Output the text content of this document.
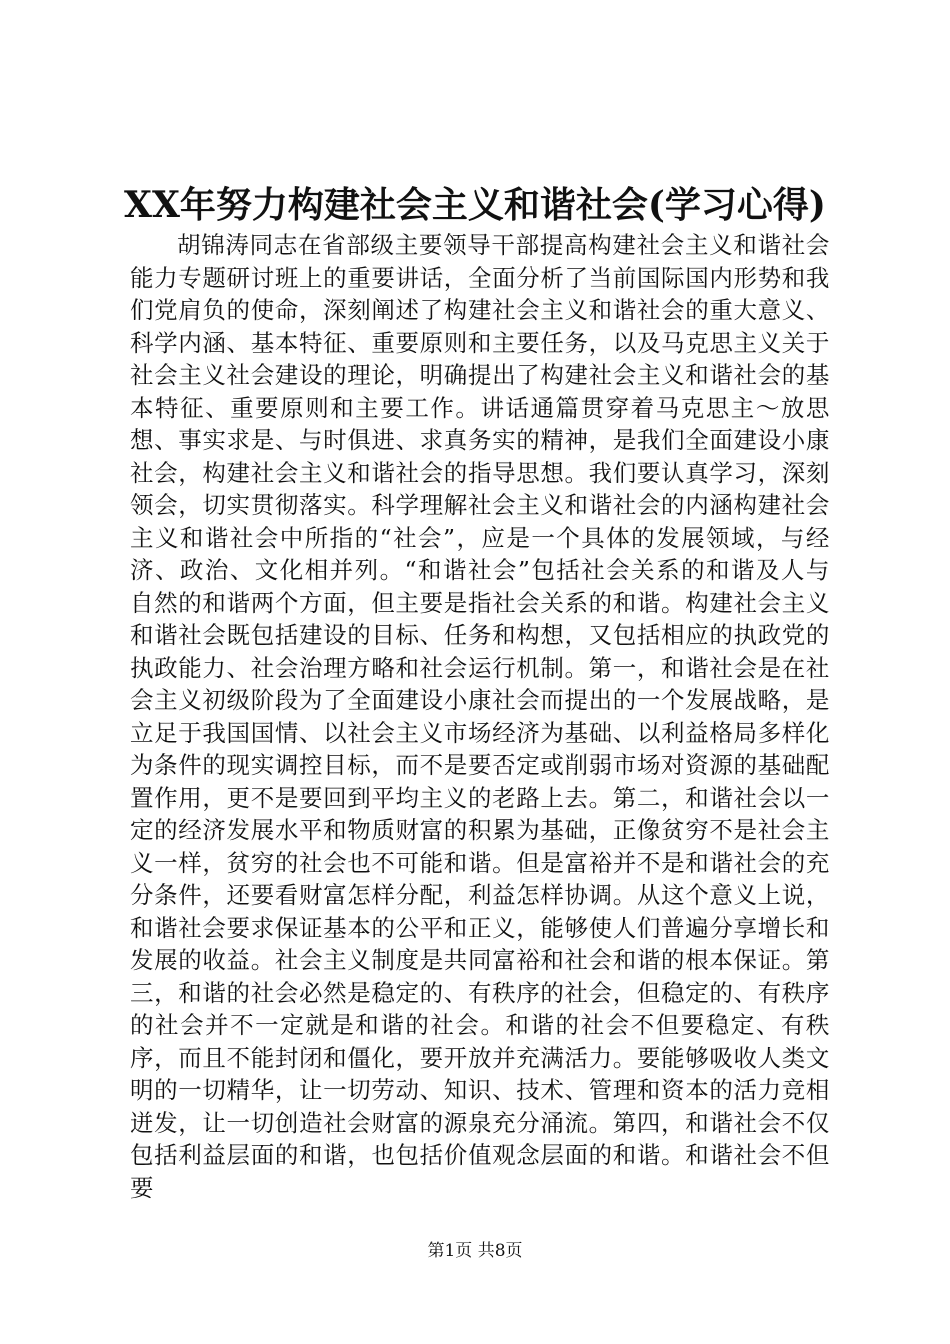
XX年努力构建社会主义和谐社会(学习心得)

胡锦涛同志在省部级主要领导干部提高构建社会主义和谐社会能力专题研讨班上的重要讲话，全面分析了当前国际国内形势和我们党肩负的使命，深刻阐述了构建社会主义和谐社会的重大意义、科学内涵、基本特征、重要原则和主要任务，以及马克思主义关于社会主义社会建设的理论，明确提出了构建社会主义和谐社会的基本特征、重要原则和主要工作。讲话通篇贯穿着马克思主～放思想、事实求是、与时俱进、求真务实的精神，是我们全面建设小康社会，构建社会主义和谐社会的指导思想。我们要认真学习，深刻领会，切实贯彻落实。科学理解社会主义和谐社会的内涵构建社会主义和谐社会中所指的“社会”，应是一个具体的发展领域，与经济、政治、文化相并列。“和谐社会”包括社会关系的和谐及人与自然的和谐两个方面，但主要是指社会关系的和谐。构建社会主义和谐社会既包括建设的目标、任务和构想，又包括相应的执政党的执政能力、社会治理方略和社会运行机制。第一，和谐社会是在社会主义初级阶段为了全面建设小康社会而提出的一个发展战略，是立足于我国国情、以社会主义市场经济为基础、以利益格局多样化为条件的现实调控目标，而不是要否定或削弱市场对资源的基础配置作用，更不是要回到平均主义的老路上去。第二，和谐社会以一定的经济发展水平和物质财富的积累为基础，正像贫穷不是社会主义一样，贫穷的社会也不可能和谐。但是富裕并不是和谐社会的充分条件，还要看财富怎样分配，利益怎样协调。从这个意义上说，和谐社会要求保证基本的公平和正义，能够使人们普遍分享增长和发展的收益。社会主义制度是共同富裕和社会和谐的根本保证。第三，和谐的社会必然是稳定的、有秩序的社会，但稳定的、有秩序的社会并不一定就是和谐的社会。和谐的社会不但要稳定、有秩序，而且不能封闭和僵化，要开放并充满活力。要能够吸收人类文明的一切精华，让一切劳动、知识、技术、管理和资本的活力竞相迸发，让一切创造社会财富的源泉充分涌流。第四，和谐社会不仅包括利益层面的和谐，也包括价值观念层面的和谐。和谐社会不但要

第1页 共8页
